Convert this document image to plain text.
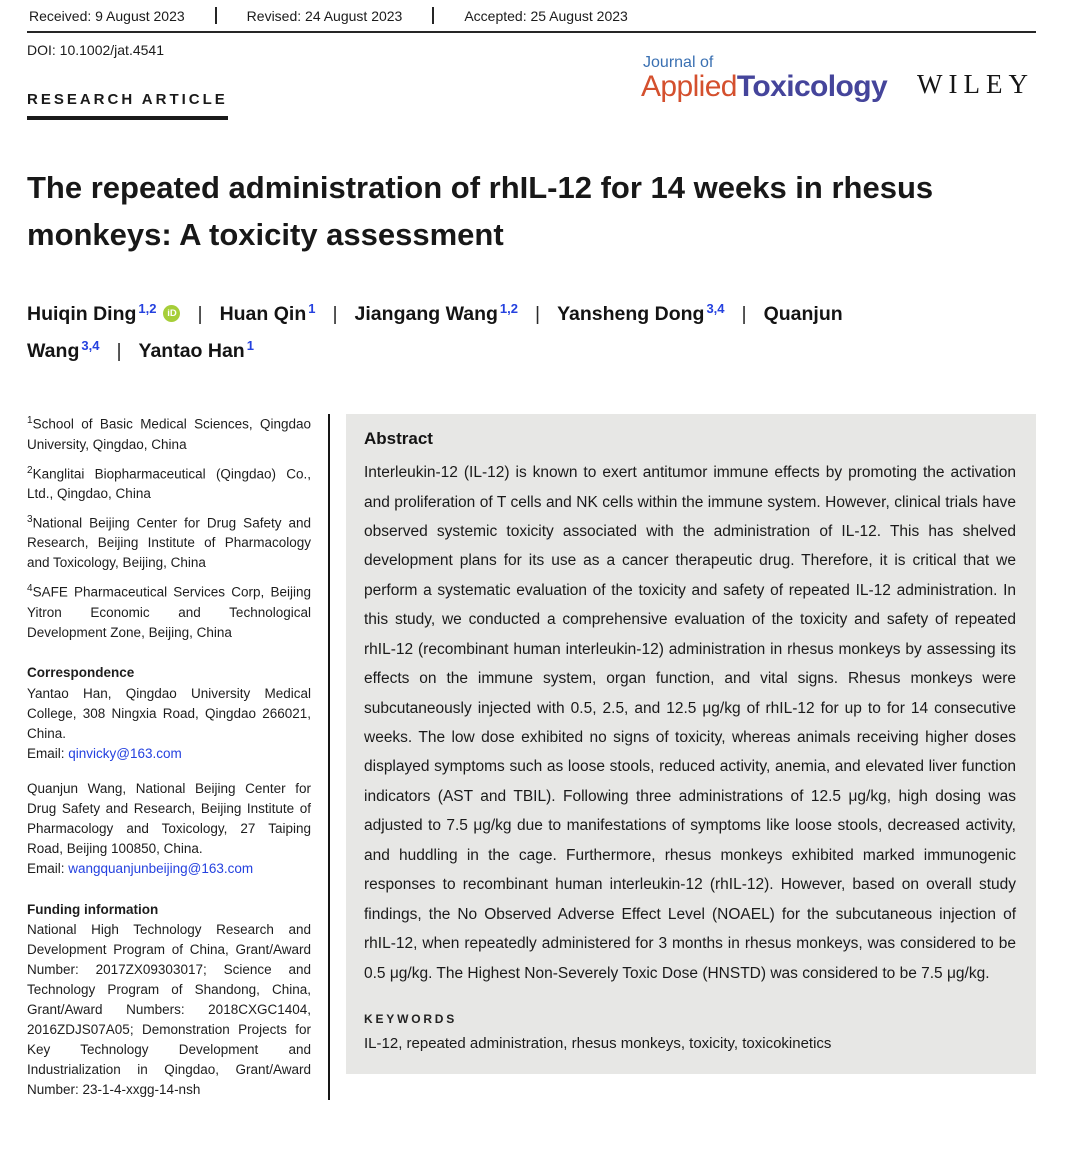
Received: 9 August 2023	Revised: 24 August 2023	Accepted: 25 August 2023
DOI: 10.1002/jat.4541
Journal of
AppliedToxicology WILEY
RESEARCH ARTICLE
The repeated administration of rhIL-12 for 14 weeks in rhesus monkeys: A toxicity assessment
Huiqin Ding $^{1,2}$ iD | Huan Qin $^1$ | Jiangang Wang $^{1,2}$ | Yansheng Dong $^{3,4}$ | Quanjun Wang $^{3,4}$ | Yantao Han $^1$

$^1$School of Basic Medical Sciences, Qingdao University, Qingdao, China

$^2$Kanglitai Biopharmaceutical (Qingdao) Co., Ltd., Qingdao, China

$^3$National Beijing Center for Drug Safety and Research, Beijing Institute of Pharmacology and Toxicology, Beijing, China

$^4$SAFE Pharmaceutical Services Corp, Beijing Yitron Economic and Technological Development Zone, Beijing, China

Correspondence

Yantao Han, Qingdao University Medical College, 308 Ningxia Road, Qingdao 266021, China.

Email: qinvicky@163.com

Quanjun Wang, National Beijing Center for Drug Safety and Research, Beijing Institute of Pharmacology and Toxicology, 27 Taiping Road, Beijing 100850, China.

Email: wangquanjunbeijing@163.com

Funding information

National High Technology Research and Development Program of China, Grant/Award Number: 2017ZX09303017; Science and Technology Program of Shandong, China, Grant/Award Numbers: 2018CXGC1404, 2016ZDJS07A05; Demonstration Projects for Key Technology Development and Industrialization in Qingdao, Grant/Award Number: 23-1-4-xxgg-14-nsh

Abstract

Interleukin-12 (IL-12) is known to exert antitumor immune effects by promoting the activation and proliferation of T cells and NK cells within the immune system. However, clinical trials have observed systemic toxicity associated with the administration of IL-12. This has shelved development plans for its use as a cancer therapeutic drug. Therefore, it is critical that we perform a systematic evaluation of the toxicity and safety of repeated IL-12 administration. In this study, we conducted a comprehensive evaluation of the toxicity and safety of repeated rhIL-12 (recombinant human interleukin-12) administration in rhesus monkeys by assessing its effects on the immune system, organ function, and vital signs. Rhesus monkeys were subcutaneously injected with 0.5, 2.5, and 12.5 μg/kg of rhIL-12 for up to for 14 consecutive weeks. The low dose exhibited no signs of toxicity, whereas animals receiving higher doses displayed symptoms such as loose stools, reduced activity, anemia, and elevated liver function indicators (AST and TBIL). Following three administrations of 12.5 μg/kg, high dosing was adjusted to 7.5 μg/kg due to manifestations of symptoms like loose stools, decreased activity, and huddling in the cage. Furthermore, rhesus monkeys exhibited marked immunogenic responses to recombinant human interleukin-12 (rhIL-12). However, based on overall study findings, the No Observed Adverse Effect Level (NOAEL) for the subcutaneous injection of rhIL-12, when repeatedly administered for 3 months in rhesus monkeys, was considered to be 0.5 μg/kg. The Highest Non-Severely Toxic Dose (HNSTD) was considered to be 7.5 μg/kg.

KEYWORDS
IL-12, repeated administration, rhesus monkeys, toxicity, toxicokinetics
